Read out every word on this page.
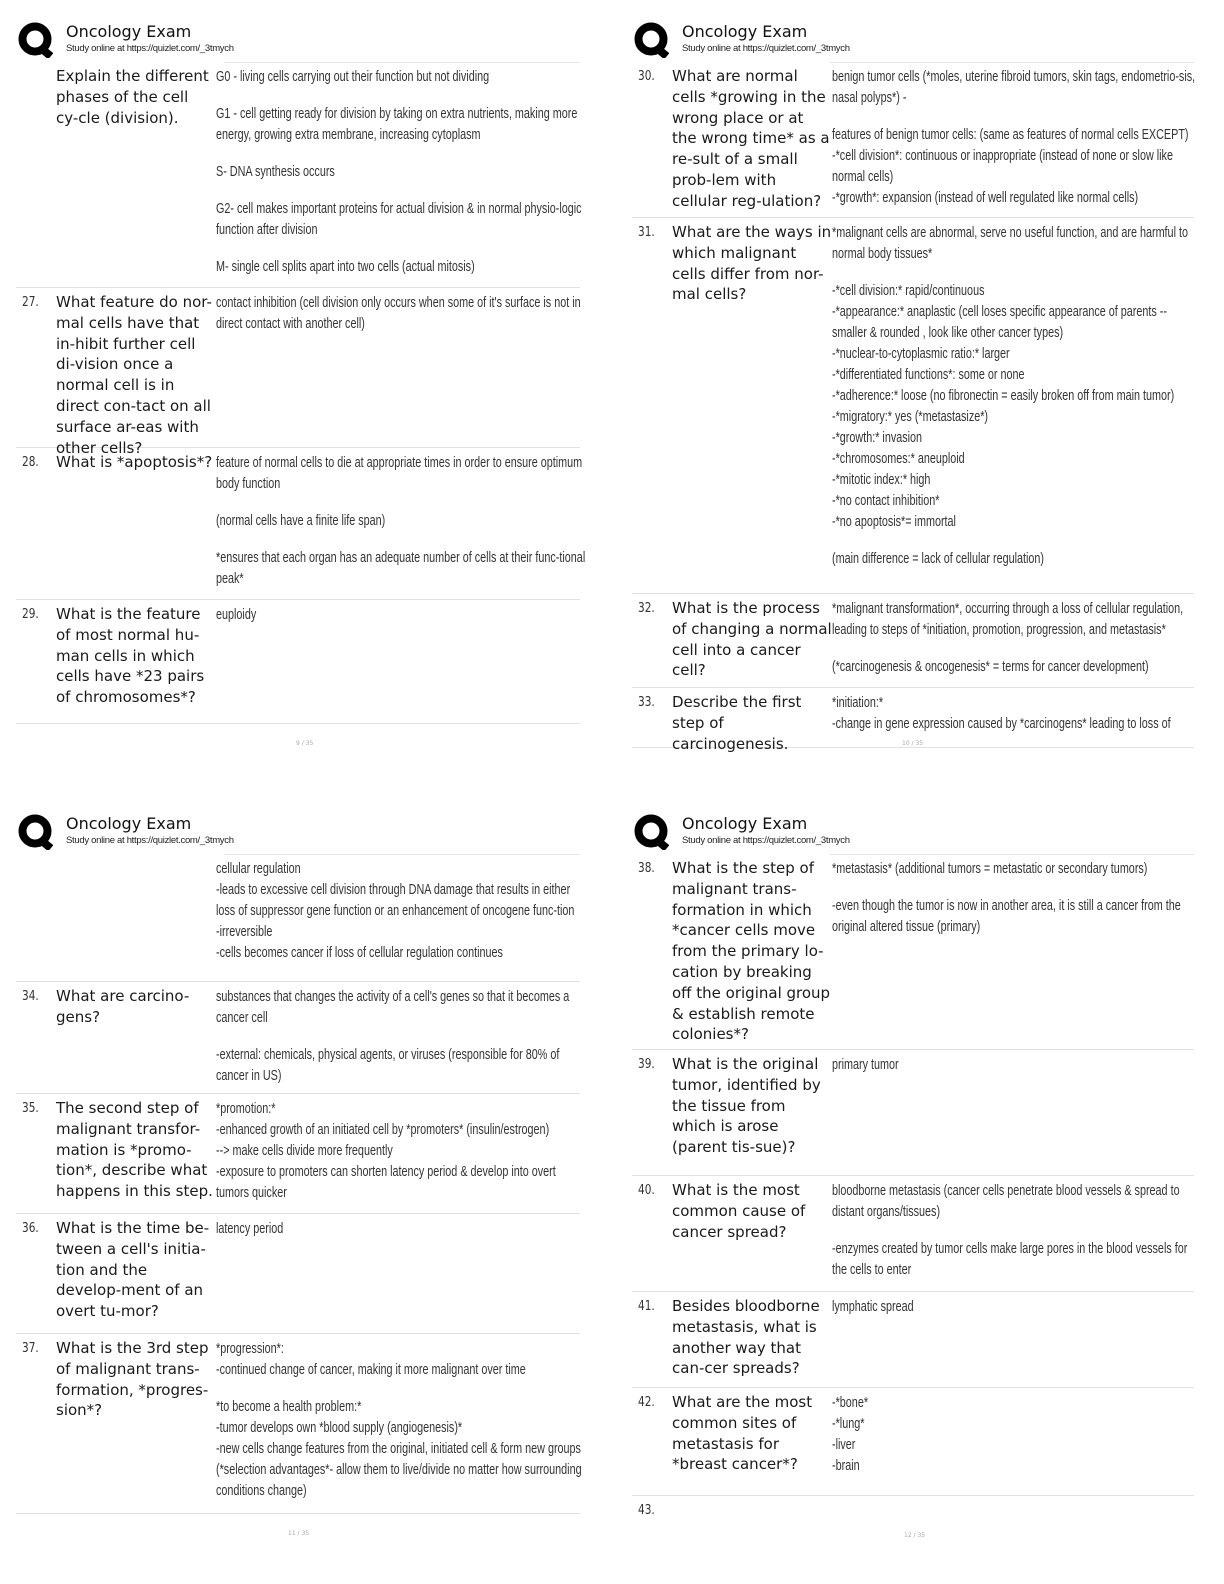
Oncology Exam
Study online at https://quizlet.com/_3tmych
Explain the different phases of the cell cy-cle (division).

G0 - living cells carrying out their function but not dividing

G1 - cell getting ready for division by taking on extra nutrients, making more energy, growing extra membrane, increasing cytoplasm

S- DNA synthesis occurs

G2- cell makes important proteins for actual division & in normal physio-logic function after division

M- single cell splits apart into two cells (actual mitosis)

27. What feature do nor-mal cells have that in-hibit further cell di-vision once a normal cell is in direct con-tact on all surface ar-eas with other cells?

contact inhibition (cell division only occurs when some of it's surface is not in direct contact with another cell)

28. What is *apoptosis*? feature of normal cells to die at appropriate times in order to ensure optimum body function

(normal cells have a finite life span)

*ensures that each organ has an adequate number of cells at their func-tional peak*

29. What is the feature of most normal hu-man cells in which cells have *23 pairs of chromosomes*?

euploidy

9 / 35
Oncology Exam
Study online at https://quizlet.com/_3tmych
30. What are normal cells *growing in the wrong place or at the wrong time* as a re-sult of a small prob-lem with cellular reg-ulation?

benign tumor cells (*moles, uterine fibroid tumors, skin tags, endometrio-sis, nasal polyps*) -

features of benign tumor cells: (same as features of normal cells EXCEPT)
-*cell division*: continuous or inappropriate (instead of none or slow like normal cells)
-*growth*: expansion (instead of well regulated like normal cells)

31. What are the ways in which malignant cells differ from nor-mal cells?

*malignant cells are abnormal, serve no useful function, and are harmful to normal body tissues*

-*cell division:* rapid/continuous
-*appearance:* anaplastic (cell loses specific appearance of parents -- smaller & rounded , look like other cancer types)
-*nuclear-to-cytoplasmic ratio:* larger
-*differentiated functions*: some or none
-*adherence:* loose (no fibronectin = easily broken off from main tumor)
-*migratory:* yes (*metastasize*)
-*growth:* invasion
-*chromosomes:* aneuploid
-*mitotic index:* high
-*no contact inhibition*
-*no apoptosis*= immortal

(main difference = lack of cellular regulation)

32. What is the process of changing a normal cell into a cancer cell?

*malignant transformation*, occurring through a loss of cellular regulation, leading to steps of *initiation, promotion, progression, and metastasis*

(*carcinogenesis & oncogenesis* = terms for cancer development)

33. Describe the first step of carcinogenesis.

*initiation:*
-change in gene expression caused by *carcinogens* leading to loss of

10 / 35
Oncology Exam
Study online at https://quizlet.com/_3tmych

cellular regulation
-leads to excessive cell division through DNA damage that results in either loss of suppressor gene function or an enhancement of oncogene func-tion
-irreversible
-cells becomes cancer if loss of cellular regulation continues

34. What are carcino-gens?

substances that changes the activity of a cell's genes so that it becomes a cancer cell

-external: chemicals, physical agents, or viruses (responsible for 80% of cancer in US)

35. The second step of malignant transfor-mation is *promo-tion*, describe what happens in this step.

*promotion:*
-enhanced growth of an initiated cell by *promoters* (insulin/estrogen)
--> make cells divide more frequently
-exposure to promoters can shorten latency period & develop into overt tumors quicker

36. What is the time be-tween a cell's initia-tion and the develop-ment of an overt tu-mor?

latency period

37. What is the 3rd step of malignant trans-formation, *progres-sion*?

*progression*:
-continued change of cancer, making it more malignant over time

*to become a health problem:*
-tumor develops own *blood supply (angiogenesis)*
-new cells change features from the original, initiated cell & form new groups (*selection advantages*- allow them to live/divide no matter how surrounding conditions change)

11 / 35
Oncology Exam
Study online at https://quizlet.com/_3tmych
38. What is the step of malignant trans-formation in which *cancer cells move from the primary lo-cation by breaking off the original group & establish remote colonies*?

*metastasis* (additional tumors = metastatic or secondary tumors)

-even though the tumor is now in another area, it is still a cancer from the original altered tissue (primary)

39. What is the original tumor, identified by the tissue from which is arose (parent tis-sue)?

primary tumor

40. What is the most common cause of cancer spread?

bloodborne metastasis (cancer cells penetrate blood vessels & spread to distant organs/tissues)

-enzymes created by tumor cells make large pores in the blood vessels for the cells to enter

41. Besides bloodborne metastasis, what is another way that can-cer spreads?

lymphatic spread

42. What are the most common sites of metastasis for *breast cancer*?

-*bone*
-*lung*
-liver
-brain

43.
12 / 35
